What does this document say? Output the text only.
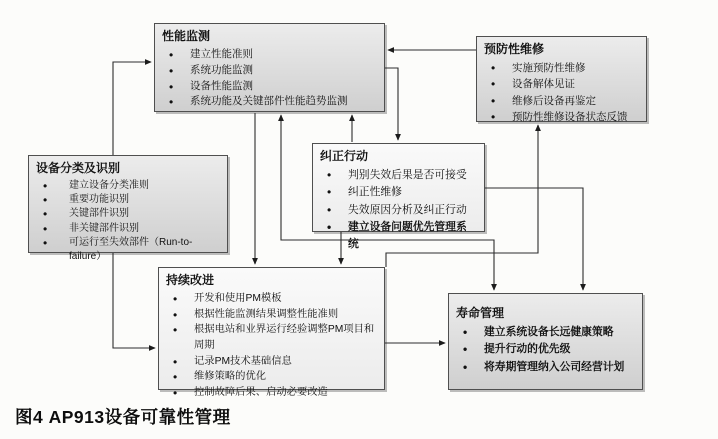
性能监测
• 建立性能准则
• 系统功能监测
• 设备性能监测
• 系统功能及关键部件性能趋势监测
预防性维修
• 实施预防性维修
• 设备解体见证
• 维修后设备再鉴定
• 预防性维修设备状态反馈
设备分类及识别
• 建立设备分类准则
• 重要功能识别
• 关键部件识别
• 非关键部件识别
• 可运行至失效部件（Run-to-failure）
纠正行动
• 判别失效后果是否可接受
• 纠正性维修
• 失效原因分析及纠正行动
• 建立设备问题优先管理系统
持续改进
• 开发和使用PM模板
• 根据性能监测结果调整性能准则
• 根据电站和业界运行经验调整PM项目和周期
• 记录PM技术基础信息
• 维修策略的优化
• 控制故障后果、启动必要改造
寿命管理
• 建立系统设备长远健康策略
• 提升行动的优先级
• 将寿期管理纳入公司经营计划
图4 AP913设备可靠性管理
